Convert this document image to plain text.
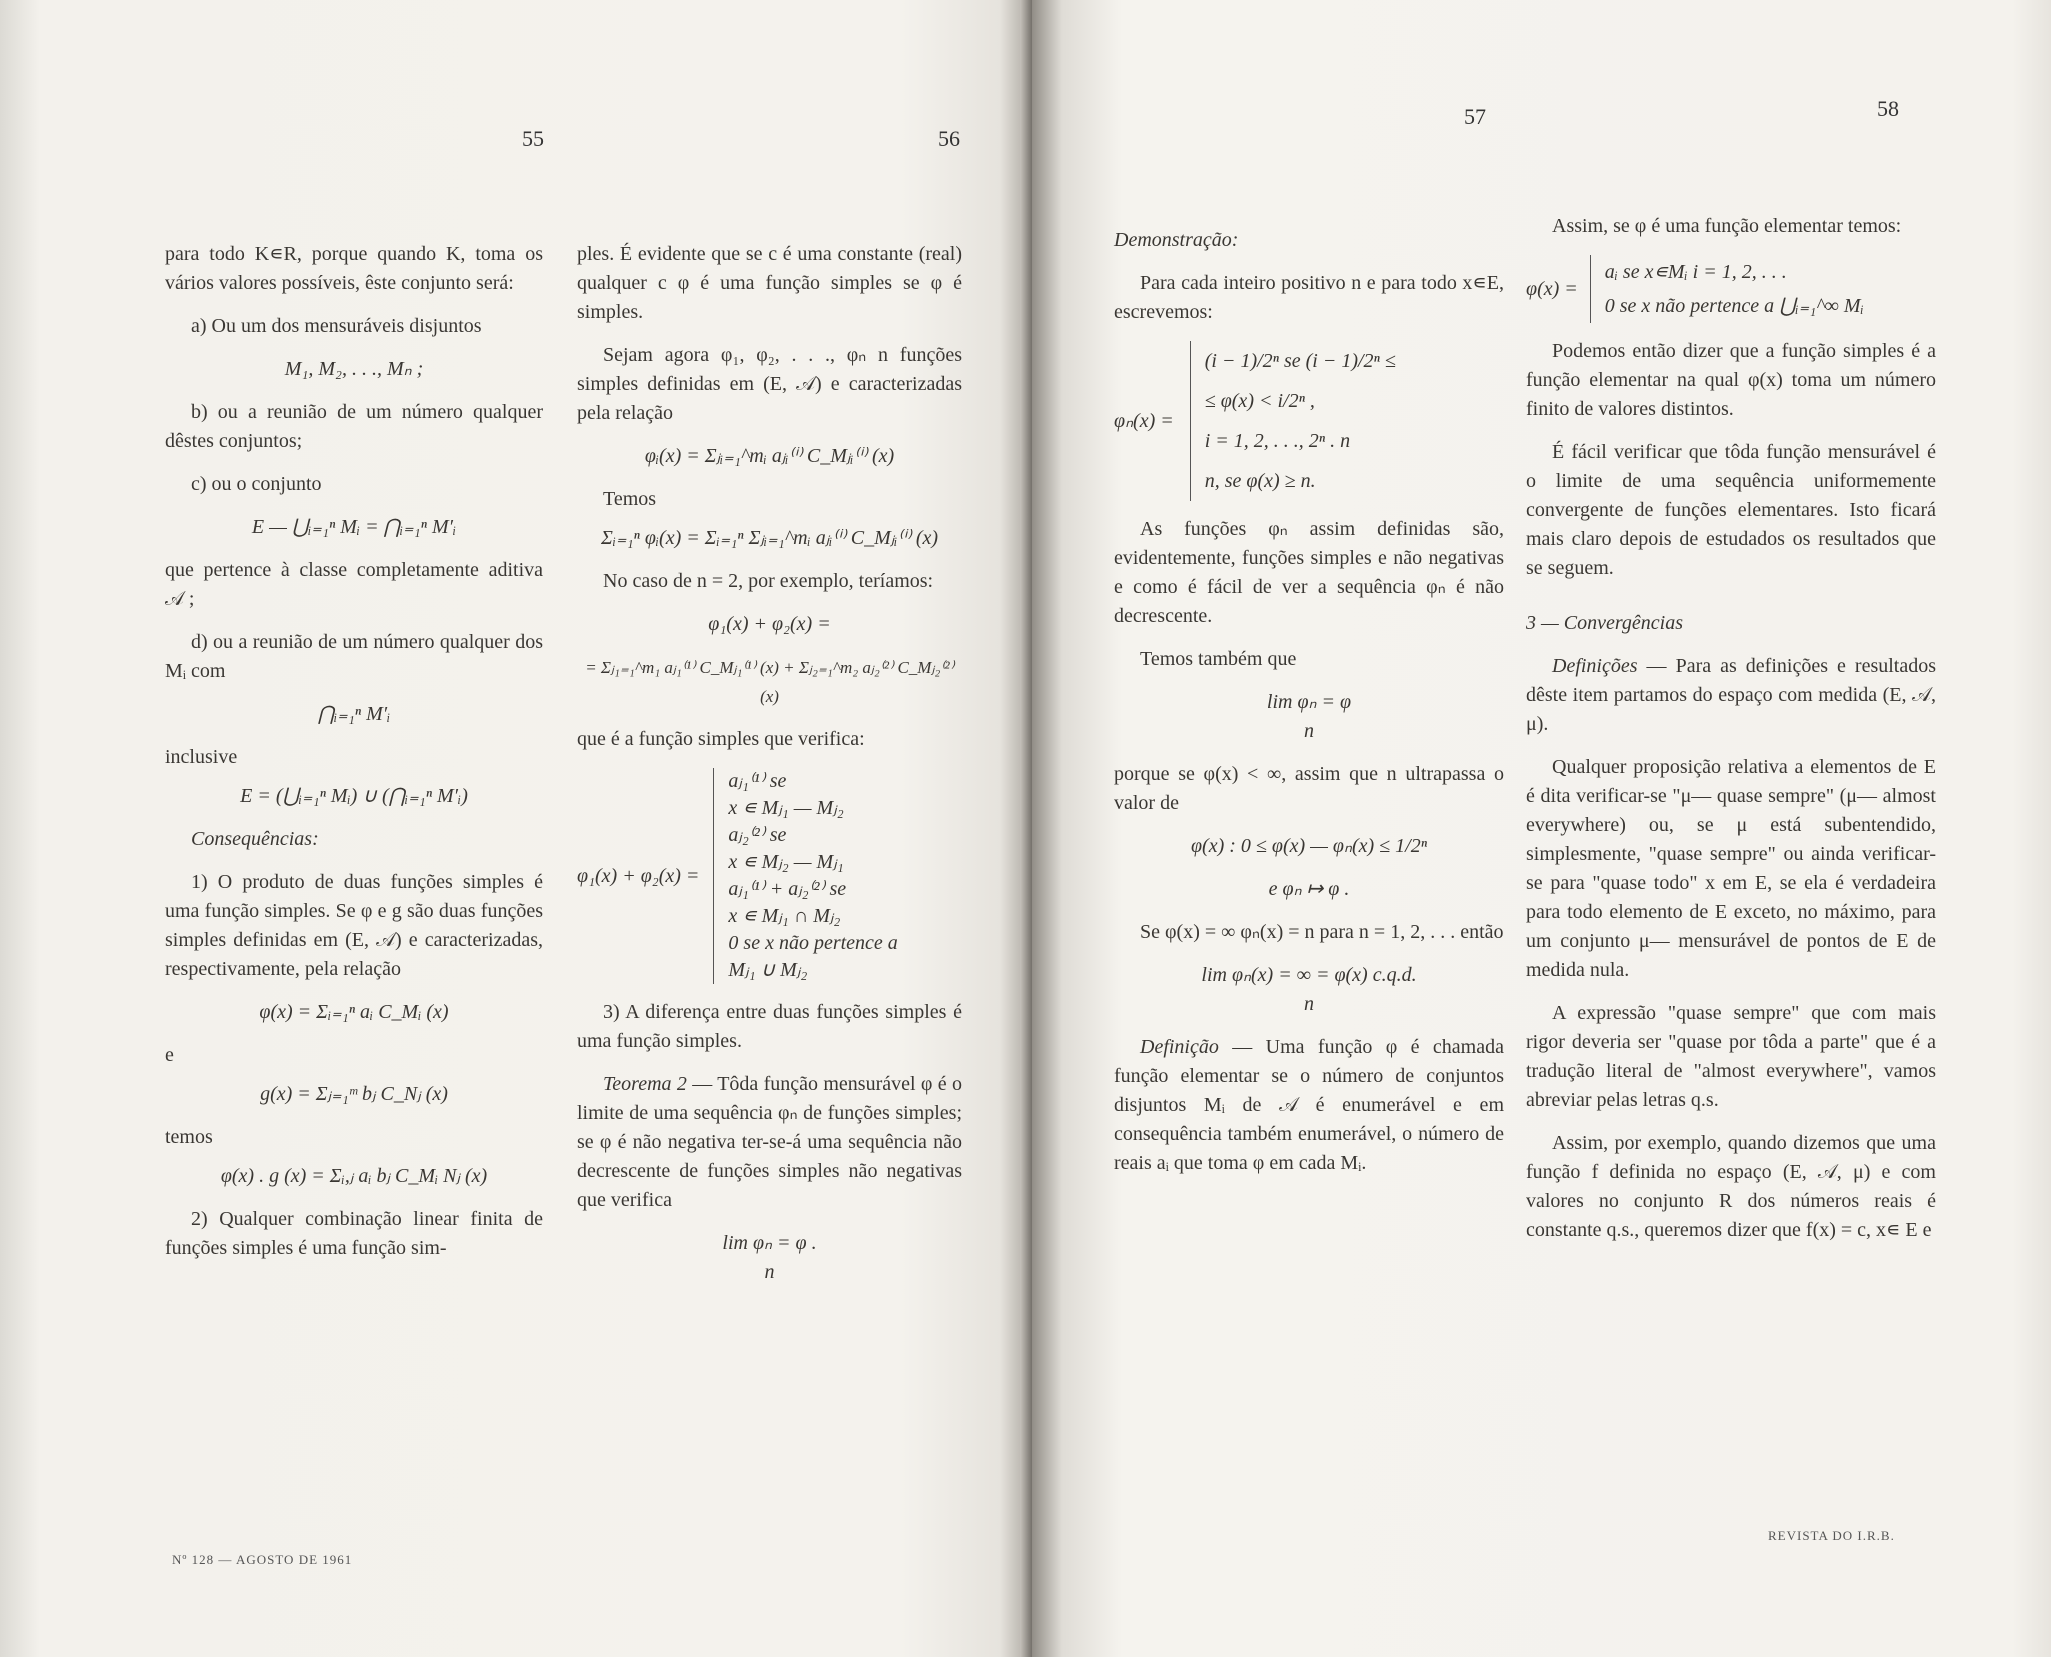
55	56

para todo K∊R, porque quando K, toma os vários valores possíveis, êste conjunto será:

a) Ou um dos mensuráveis disjuntos

M₁, M₂, . . ., Mₙ ;

b) ou a reunião de um número qualquer dêstes conjuntos;

c) ou o conjunto

E — ⋃ᵢ₌₁ⁿ Mᵢ = ⋂ᵢ₌₁ⁿ M′ᵢ

que pertence à classe completamente aditiva 𝒜 ;

d) ou a reunião de um número qualquer dos Mᵢ com

⋂ᵢ₌₁ⁿ M′ᵢ

inclusive

E = (⋃ᵢ₌₁ⁿ Mᵢ) ∪ (⋂ᵢ₌₁ⁿ M′ᵢ)

Consequências:

1) O produto de duas funções simples é uma função simples. Se φ e g são duas funções simples definidas em (E, 𝒜) e caracterizadas, respectivamente, pela relação

φ(x) = Σᵢ₌₁ⁿ aᵢ C_Mᵢ (x)

e

g(x) = Σⱼ₌₁ᵐ bⱼ C_Nⱼ (x)

temos

φ(x) . g (x) = Σᵢ,ⱼ aᵢ bⱼ C_Mᵢ Nⱼ (x)

2) Qualquer combinação linear finita de funções simples é uma função sim-

ples. É evidente que se c é uma constante (real) qualquer c φ é uma função simples se φ é simples.

Sejam agora φ₁, φ₂, . . ., φₙ n funções simples definidas em (E, 𝒜) e caracterizadas pela relação

φᵢ(x) = Σⱼᵢ₌₁^mᵢ aⱼᵢ⁽ⁱ⁾ C_Mⱼᵢ⁽ⁱ⁾ (x)

Temos

Σᵢ₌₁ⁿ φᵢ(x) = Σᵢ₌₁ⁿ Σⱼᵢ₌₁^mᵢ aⱼᵢ⁽ⁱ⁾ C_Mⱼᵢ⁽ⁱ⁾ (x)

No caso de n = 2, por exemplo, teríamos:

φ₁(x) + φ₂(x) =
= Σⱼ₁₌₁^m₁ aⱼ₁⁽¹⁾ C_Mⱼ₁⁽¹⁾ (x) + Σⱼ₂₌₁^m₂ aⱼ₂⁽²⁾ C_Mⱼ₂⁽²⁾ (x)

que é a função simples que verifica:

φ₁(x) + φ₂(x) =
aⱼ₁⁽¹⁾ se
x ∊ Mⱼ₁ — Mⱼ₂
aⱼ₂⁽²⁾ se
x ∊ Mⱼ₂ — Mⱼ₁
aⱼ₁⁽¹⁾ + aⱼ₂⁽²⁾ se
x ∊ Mⱼ₁ ∩ Mⱼ₂
0 se x não pertence a
Mⱼ₁ ∪ Mⱼ₂

3) A diferença entre duas funções simples é uma função simples.

Teorema 2 — Tôda função mensurável φ é o limite de uma sequência φₙ de funções simples; se φ é não negativa ter-se-á uma sequência não decrescente de funções simples não negativas que verifica

lim φₙ = φ .
n
Nº 128 — AGOSTO DE 1961
57	58

Demonstração:

Para cada inteiro positivo n e para todo x∊E, escrevemos:

φₙ(x) =
(i − 1)/2ⁿ se (i − 1)/2ⁿ ≤
≤ φ(x) < i/2ⁿ ,
i = 1, 2, . . ., 2ⁿ . n
n, se φ(x) ≥ n.

As funções φₙ assim definidas são, evidentemente, funções simples e não negativas e como é fácil de ver a sequência φₙ é não decrescente.

Temos também que

lim φₙ = φ
n

porque se φ(x) < ∞, assim que n ultrapassa o valor de

φ(x) : 0 ≤ φ(x) — φₙ(x) ≤ 1/2ⁿ
e φₙ ↦ φ .

Se φ(x) = ∞ φₙ(x) = n para n = 1, 2, . . . então

lim φₙ(x) = ∞ = φ(x) c.q.d.
n

Definição — Uma função φ é chamada função elementar se o número de conjuntos disjuntos Mᵢ de 𝒜 é enumerável e em consequência também enumerável, o número de reais aᵢ que toma φ em cada Mᵢ.

Assim, se φ é uma função elementar temos:

φ(x) =
aᵢ se x∊Mᵢ i = 1, 2, . . .
0 se x não pertence a ⋃ᵢ₌₁^∞ Mᵢ

Podemos então dizer que a função simples é a função elementar na qual φ(x) toma um número finito de valores distintos.

É fácil verificar que tôda função mensurável é o limite de uma sequência uniformemente convergente de funções elementares. Isto ficará mais claro depois de estudados os resultados que se seguem.

3 — Convergências

Definições — Para as definições e resultados dêste item partamos do espaço com medida (E, 𝒜, μ).

Qualquer proposição relativa a elementos de E é dita verificar-se "μ— quase sempre" (μ— almost everywhere) ou, se μ está subentendido, simplesmente, "quase sempre" ou ainda verificar-se para "quase todo" x em E, se ela é verdadeira para todo elemento de E exceto, no máximo, para um conjunto μ— mensurável de pontos de E de medida nula.

A expressão "quase sempre" que com mais rigor deveria ser "quase por tôda a parte" que é a tradução literal de "almost everywhere", vamos abreviar pelas letras q.s.

Assim, por exemplo, quando dizemos que uma função f definida no espaço (E, 𝒜, μ) e com valores no conjunto R dos números reais é constante q.s., queremos dizer que f(x) = c, x∊ E e

REVISTA DO I.R.B.
